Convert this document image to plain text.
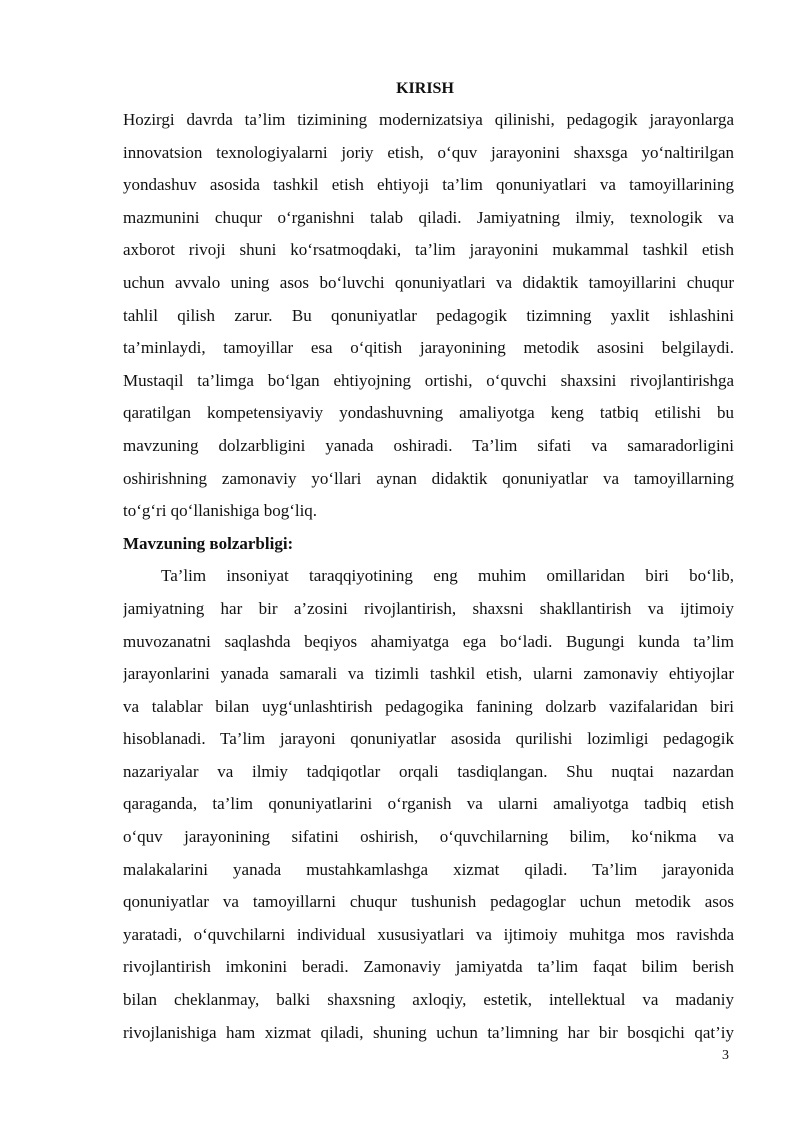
KIRISH
Hozirgi davrda ta’lim tizimining modernizatsiya qilinishi, pedagogik jarayonlarga
innovatsion texnologiyalarni joriy etish, o‘quv jarayonini shaxsga yo‘naltirilgan
yondashuv asosida tashkil etish ehtiyoji ta’lim qonuniyatlari va tamoyillarining
mazmunini chuqur o‘rganishni talab qiladi. Jamiyatning ilmiy, texnologik va
axborot rivoji shuni ko‘rsatmoqdaki, ta’lim jarayonini mukammal tashkil etish
uchun avvalo uning asos bo‘luvchi qonuniyatlari va didaktik tamoyillarini chuqur
tahlil qilish zarur. Bu qonuniyatlar pedagogik tizimning yaxlit ishlashini
ta’minlaydi, tamoyillar esa o‘qitish jarayonining metodik asosini belgilaydi.
Mustaqil ta’limga bo‘lgan ehtiyojning ortishi, o‘quvchi shaxsini rivojlantirishga
qaratilgan kompetensiyaviy yondashuvning amaliyotga keng tatbiq etilishi bu
mavzuning dolzarbligini yanada oshiradi. Ta’lim sifati va samaradorligini
oshirishning zamonaviy yo‘llari aynan didaktik qonuniyatlar va tamoyillarning
to‘g‘ri qo‘llanishiga bog‘liq.
Mavzuning вolzarbligi:
Ta’lim insoniyat taraqqiyotining eng muhim omillaridan biri bo‘lib,
jamiyatning har bir a’zosini rivojlantirish, shaxsni shakllantirish va ijtimoiy
muvozanatni saqlashda beqiyos ahamiyatga ega bo‘ladi. Bugungi kunda ta’lim
jarayonlarini yanada samarali va tizimli tashkil etish, ularni zamonaviy ehtiyojlar
va talablar bilan uyg‘unlashtirish pedagogika fanining dolzarb vazifalaridan biri
hisoblanadi. Ta’lim jarayoni qonuniyatlar asosida qurilishi lozimligi pedagogik
nazariyalar va ilmiy tadqiqotlar orqali tasdiqlangan. Shu nuqtai nazardan
qaraganda, ta’lim qonuniyatlarini o‘rganish va ularni amaliyotga tadbiq etish
o‘quv jarayonining sifatini oshirish, o‘quvchilarning bilim, ko‘nikma va
malakalarini yanada mustahkamlashga xizmat qiladi. Ta’lim jarayonida
qonuniyatlar va tamoyillarni chuqur tushunish pedagoglar uchun metodik asos
yaratadi, o‘quvchilarni individual xususiyatlari va ijtimoiy muhitga mos ravishda
rivojlantirish imkonini beradi. Zamonaviy jamiyatda ta’lim faqat bilim berish
bilan cheklanmay, balki shaxsning axloqiy, estetik, intellektual va madaniy
rivojlanishiga ham xizmat qiladi, shuning uchun ta’limning har bir bosqichi qat’iy
3
